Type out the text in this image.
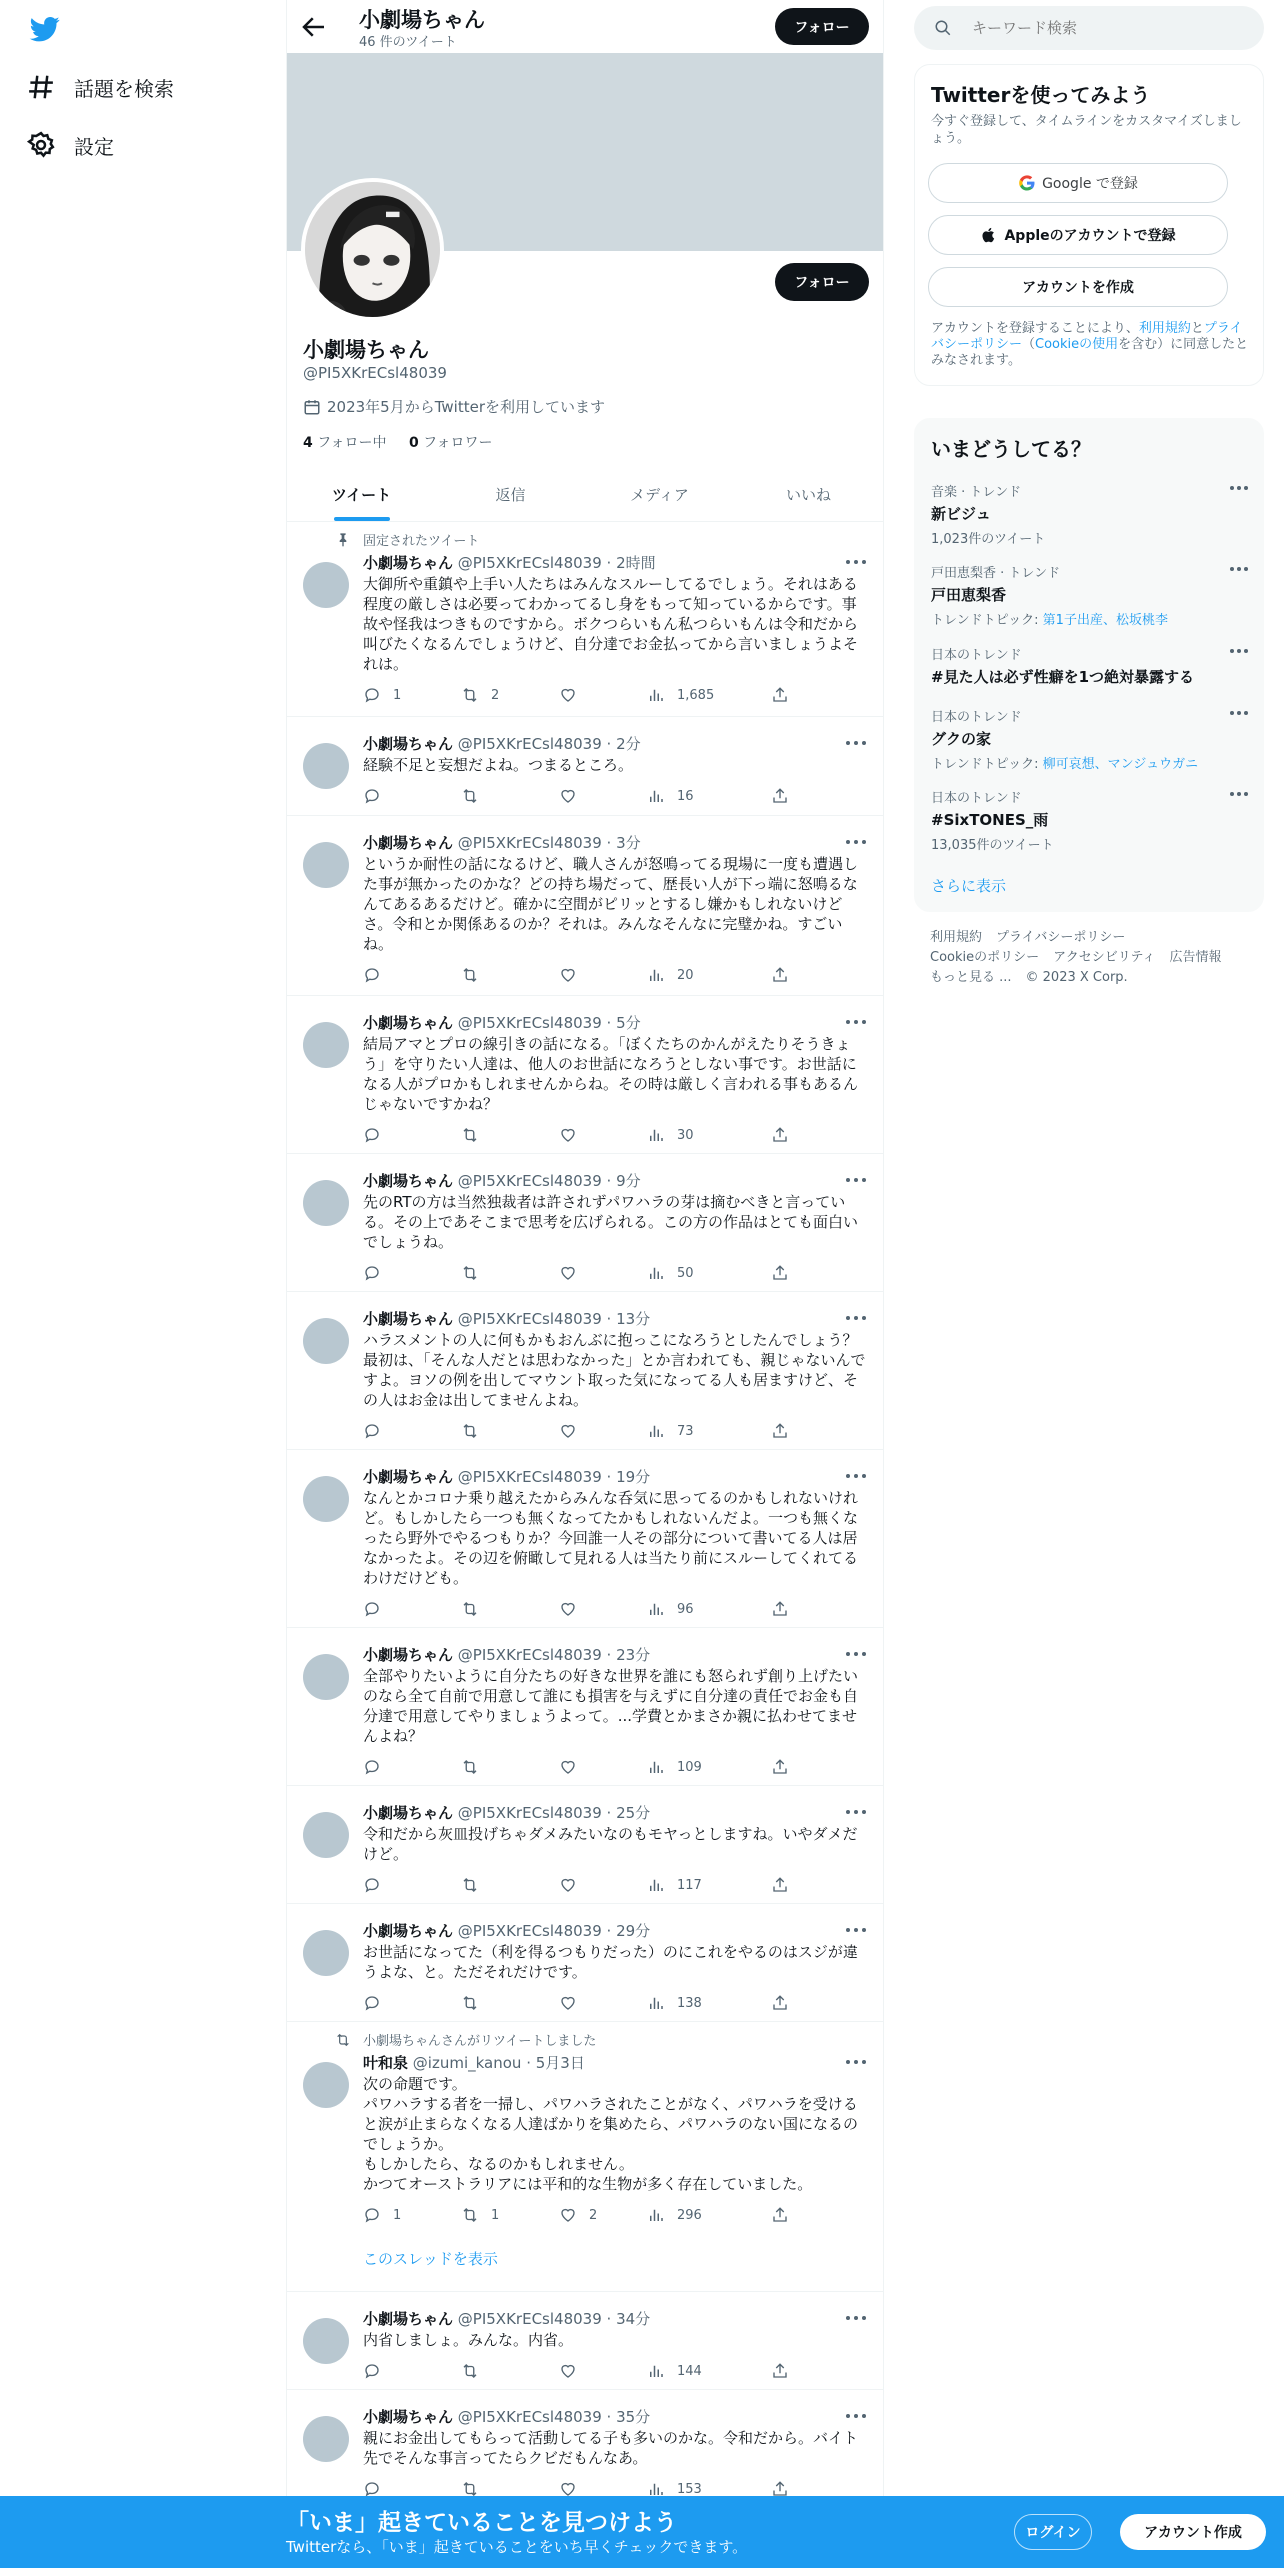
話題を検索
設定
小劇場ちゃん
46 件のツイート
フォロー
フォロー
小劇場ちゃん
@PI5XKrECsl48039
2023年5月からTwitterを利用しています
4 フォロー中 0 フォロワー
ツイート	返信	メディア	いいね
固定されたツイート
小劇場ちゃん @PI5XKrECsl48039 · 2時間
大御所や重鎮や上手い人たちはみんなスルーしてるでしょう。それはある程度の厳しさは必要ってわかってるし身をもって知っているからです。事故や怪我はつきものですから。ボクつらいもん私つらいもんは令和だから叫びたくなるんでしょうけど、自分達でお金払ってから言いましょうよそれは。
1	2	1,685
小劇場ちゃん @PI5XKrECsl48039 · 2分
経験不足と妄想だよね。つまるところ。
16
小劇場ちゃん @PI5XKrECsl48039 · 3分
というか耐性の話になるけど、職人さんが怒鳴ってる現場に一度も遭遇した事が無かったのかな？どの持ち場だって、歴長い人が下っ端に怒鳴るなんてあるあるだけど。確かに空間がピリッとするし嫌かもしれないけどさ。令和とか関係あるのか？それは。みんなそんなに完璧かね。すごいね。
20
小劇場ちゃん @PI5XKrECsl48039 · 5分
結局アマとプロの線引きの話になる。「ぼくたちのかんがえたりそうきょう」を守りたい人達は、他人のお世話になろうとしない事です。お世話になる人がプロかもしれませんからね。その時は厳しく言われる事もあるんじゃないですかね？
30
小劇場ちゃん @PI5XKrECsl48039 · 9分
先のRTの方は当然独裁者は許されずパワハラの芽は摘むべきと言っている。その上であそこまで思考を広げられる。この方の作品はとても面白いでしょうね。
50
小劇場ちゃん @PI5XKrECsl48039 · 13分
ハラスメントの人に何もかもおんぶに抱っこになろうとしたんでしょう？最初は、「そんな人だとは思わなかった」とか言われても、親じゃないんですよ。ヨソの例を出してマウント取った気になってる人も居ますけど、その人はお金は出してませんよね。
73
小劇場ちゃん @PI5XKrECsl48039 · 19分
なんとかコロナ乗り越えたからみんな呑気に思ってるのかもしれないけれど。もしかしたら一つも無くなってたかもしれないんだよ。一つも無くなったら野外でやるつもりか？今回誰一人その部分について書いてる人は居なかったよ。その辺を俯瞰して見れる人は当たり前にスルーしてくれてるわけだけども。
96
小劇場ちゃん @PI5XKrECsl48039 · 23分
全部やりたいように自分たちの好きな世界を誰にも怒られず創り上げたいのなら全て自前で用意して誰にも損害を与えずに自分達の責任でお金も自分達で用意してやりましょうよって。...学費とかまさか親に払わせてませんよね？
109
小劇場ちゃん @PI5XKrECsl48039 · 25分
令和だから灰皿投げちゃダメみたいなのもモヤっとしますね。いやダメだけど。
117
小劇場ちゃん @PI5XKrECsl48039 · 29分
お世話になってた（利を得るつもりだった）のにこれをやるのはスジが違うよな、と。ただそれだけです。
138
小劇場ちゃんさんがリツイートしました
叶和泉 @izumi_kanou · 5月3日
次の命題です。
パワハラする者を一掃し、パワハラされたことがなく、パワハラを受けると涙が止まらなくなる人達ばかりを集めたら、パワハラのない国になるのでしょうか。
もしかしたら、なるのかもしれません。
かつてオーストラリアには平和的な生物が多く存在していました。
1	1	2	296
このスレッドを表示
小劇場ちゃん @PI5XKrECsl48039 · 34分
内省しましょ。みんな。内省。
144
小劇場ちゃん @PI5XKrECsl48039 · 35分
親にお金出してもらって活動してる子も多いのかな。令和だから。バイト先でそんな事言ってたらクビだもんなあ。
153
キーワード検索
Twitterを使ってみよう
今すぐ登録して、タイムラインをカスタマイズしましょう。
Google で登録
Appleのアカウントで登録
アカウントを作成
アカウントを登録することにより、利用規約とプライバシーポリシー（Cookieの使用を含む）に同意したとみなされます。
いまどうしてる？
音楽 · トレンド
新ビジュ
1,023件のツイート
戸田恵梨香 · トレンド
戸田恵梨香
トレンドトピック: 第1子出産、松坂桃李
日本のトレンド
#見た人は必ず性癖を1つ絶対暴露する
日本のトレンド
グクの家
トレンドトピック: 柳可哀想、マンジュウガニ
日本のトレンド
#SixTONES_雨
13,035件のツイート
さらに表示
利用規約 プライバシーポリシー
Cookieのポリシー アクセシビリティ 広告情報
もっと見る ... © 2023 X Corp.
「いま」起きていることを見つけよう
Twitterなら、「いま」起きていることをいち早くチェックできます。
ログイン	アカウント作成
